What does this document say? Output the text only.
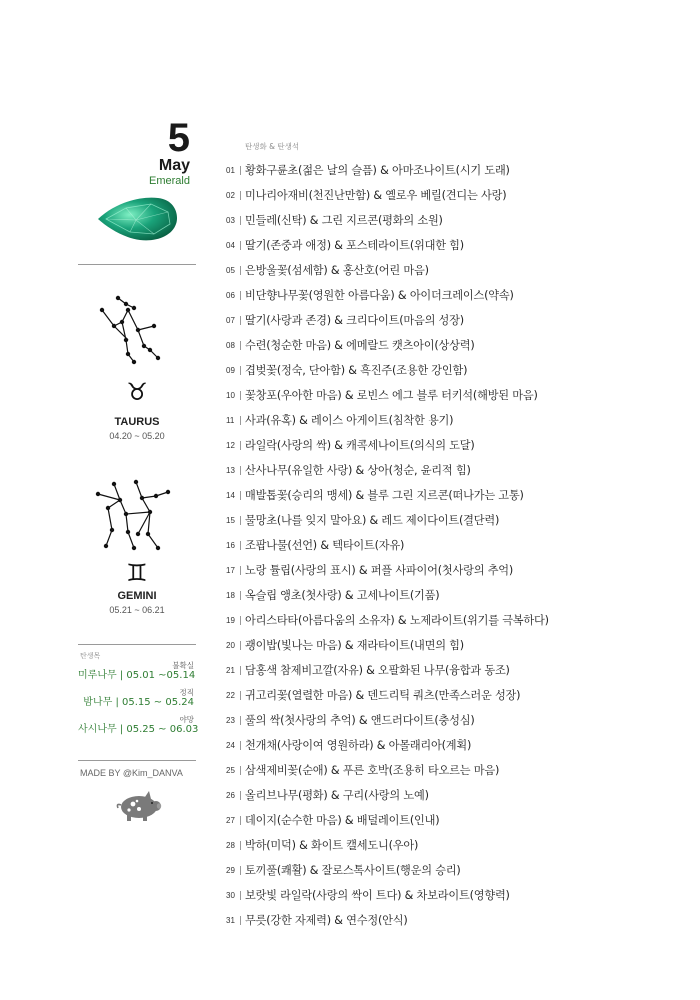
5
May
Emerald
♉
TAURUS
04.20 ~ 05.20
♊
GEMINI
05.21 ~ 06.21
탄생목
불확실
미루나무 | 05.01 ~05.14
정직
밤나무 | 05.15 ~ 05.24
야망
사시나무 | 05.25 ~ 06.03
MADE BY @Kim_DANVA
탄생화 & 탄생석
01 황화구륜초(젊은 날의 슬픔) & 아마조나이트(시기 도래)
02 미나리아재비(천진난만함) & 옐로우 베릴(견디는 사랑)
03 민들레(신탁) & 그린 지르콘(평화의 소원)
04 딸기(존중과 애정) & 포스테라이트(위대한 힘)
05 은방울꽃(섬세함) & 홍산호(어린 마음)
06 비단향나무꽃(영원한 아름다움) & 아이더크레이스(약속)
07 딸기(사랑과 존경) & 크리다이트(마음의 성장)
08 수련(청순한 마음) & 에메랄드 캣츠아이(상상력)
09 겹벚꽃(정숙, 단아함) & 흑진주(조용한 강인함)
10 꽃창포(우아한 마음) & 로빈스 에그 블루 터키석(해방된 마음)
11 사과(유혹) & 레이스 아게이트(침착한 용기)
12 라일락(사랑의 싹) & 캐콕세나이트(의식의 도달)
13 산사나무(유일한 사랑) & 상아(청순, 윤리적 힘)
14 매발톱꽃(승리의 맹세) & 블루 그린 지르콘(떠나가는 고통)
15 물망초(나를 잊지 말아요) & 레드 제이다이트(결단력)
16 조팝나물(선언) & 텍타이트(자유)
17 노랑 튤립(사랑의 표시) & 퍼플 사파이어(첫사랑의 추억)
18 옥슬립 앵초(첫사랑) & 고세나이트(기품)
19 아리스타타(아름다움의 소유자) & 노제라이트(위기를 극복하다)
20 괭이밥(빛나는 마음) & 재라타이트(내면의 힘)
21 담홍색 참제비고깔(자유) & 오팔화된 나무(융합과 동조)
22 귀고리꽃(열렬한 마음) & 덴드리틱 쿼츠(만족스러운 성장)
23 풀의 싹(첫사랑의 추억) & 앤드러다이트(충성심)
24 천개채(사랑이여 영원하라) & 아몰래리아(계획)
25 삼색제비꽃(순애) & 푸른 호박(조용히 타오르는 마음)
26 올리브나무(평화) & 구리(사랑의 노예)
27 데이지(순수한 마음) & 배덜레이트(인내)
28 박하(미덕) & 화이트 캘세도니(우아)
29 토끼풀(쾌활) & 잘로스톡사이트(행운의 승리)
30 보랏빛 라일락(사랑의 싹이 트다) & 차보라이트(영향력)
31 무릇(강한 자제력) & 연수정(안식)
